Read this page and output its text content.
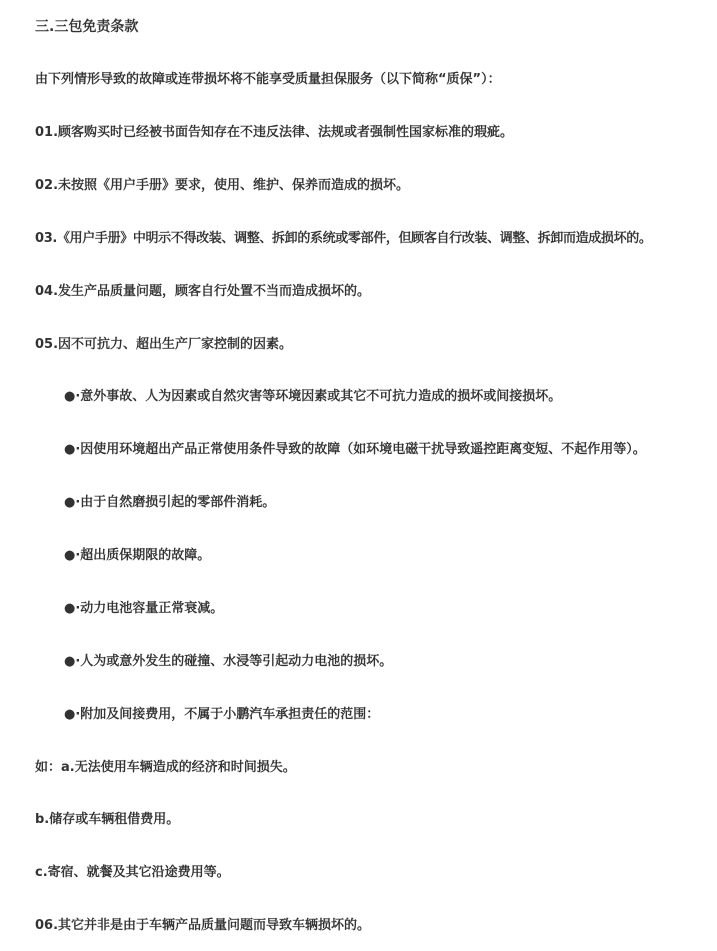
三.三包免责条款
由下列情形导致的故障或连带损坏将不能享受质量担保服务（以下简称“质保”）：
01.顾客购买时已经被书面告知存在不违反法律、法规或者强制性国家标准的瑕疵。
02.未按照《用户手册》要求，使用、维护、保养而造成的损坏。
03.《用户手册》中明示不得改装、调整、拆卸的系统或零部件，但顾客自行改装、调整、拆卸而造成损坏的。
04.发生产品质量问题，顾客自行处置不当而造成损坏的。
05.因不可抗力、超出生产厂家控制的因素。
●·意外事故、人为因素或自然灾害等环境因素或其它不可抗力造成的损坏或间接损坏。
●·因使用环境超出产品正常使用条件导致的故障（如环境电磁干扰导致遥控距离变短、不起作用等）。
●·由于自然磨损引起的零部件消耗。
●·超出质保期限的故障。
●·动力电池容量正常衰减。
●·人为或意外发生的碰撞、水浸等引起动力电池的损坏。
●·附加及间接费用，不属于小鹏汽车承担责任的范围：
如：a.无法使用车辆造成的经济和时间损失。
b.储存或车辆租借费用。
c.寄宿、就餐及其它沿途费用等。
06.其它并非是由于车辆产品质量问题而导致车辆损坏的。
